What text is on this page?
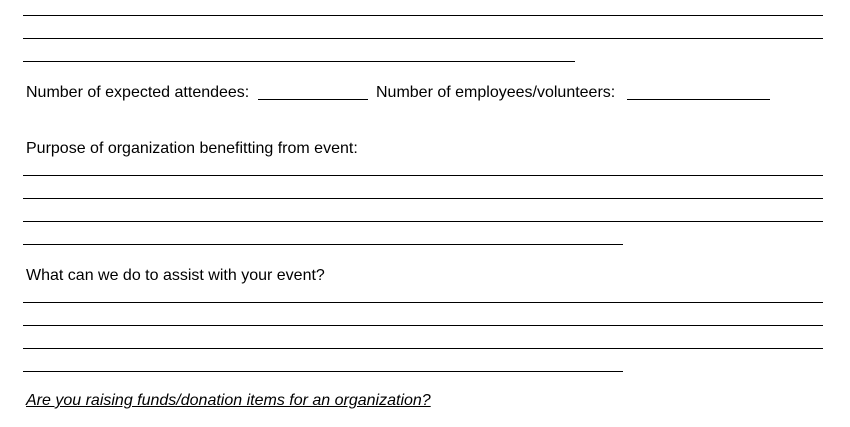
Number of expected attendees:	Number of employees/volunteers:
Purpose of organization benefitting from event:
What can we do to assist with your event?
Are you raising funds/donation items for an organization?
